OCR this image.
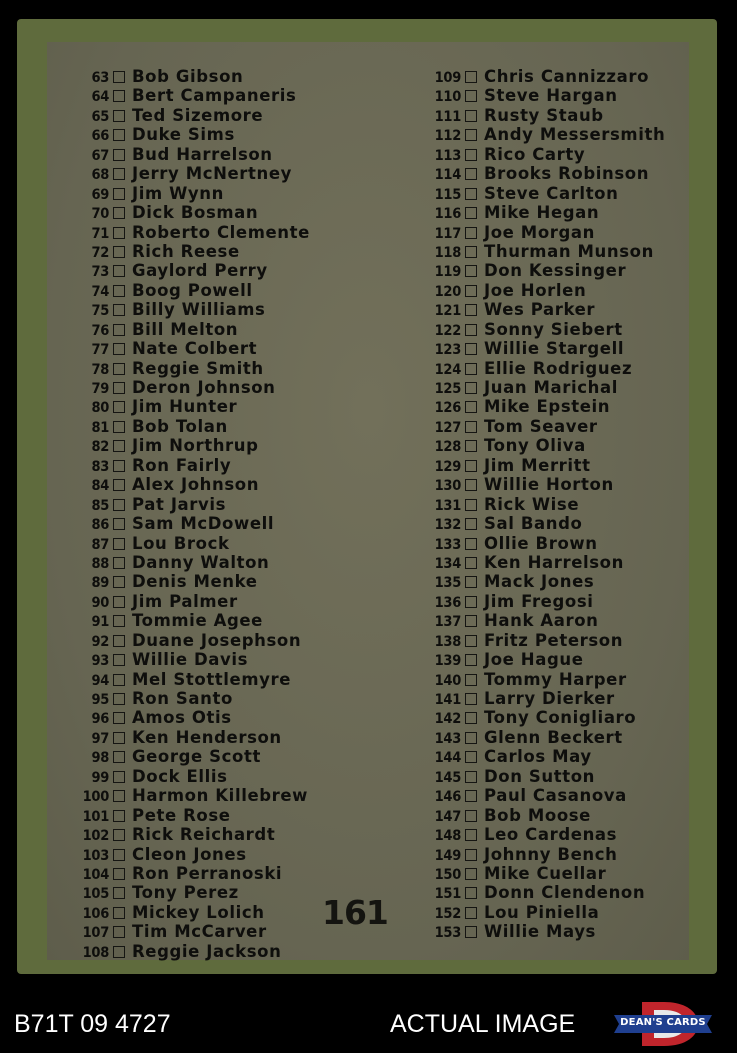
63 Bob Gibson
64 Bert Campaneris
65 Ted Sizemore
66 Duke Sims
67 Bud Harrelson
68 Jerry McNertney
69 Jim Wynn
70 Dick Bosman
71 Roberto Clemente
72 Rich Reese
73 Gaylord Perry
74 Boog Powell
75 Billy Williams
76 Bill Melton
77 Nate Colbert
78 Reggie Smith
79 Deron Johnson
80 Jim Hunter
81 Bob Tolan
82 Jim Northrup
83 Ron Fairly
84 Alex Johnson
85 Pat Jarvis
86 Sam McDowell
87 Lou Brock
88 Danny Walton
89 Denis Menke
90 Jim Palmer
91 Tommie Agee
92 Duane Josephson
93 Willie Davis
94 Mel Stottlemyre
95 Ron Santo
96 Amos Otis
97 Ken Henderson
98 George Scott
99 Dock Ellis
100 Harmon Killebrew
101 Pete Rose
102 Rick Reichardt
103 Cleon Jones
104 Ron Perranoski
105 Tony Perez
106 Mickey Lolich
107 Tim McCarver
108 Reggie Jackson
109 Chris Cannizzaro
110 Steve Hargan
111 Rusty Staub
112 Andy Messersmith
113 Rico Carty
114 Brooks Robinson
115 Steve Carlton
116 Mike Hegan
117 Joe Morgan
118 Thurman Munson
119 Don Kessinger
120 Joe Horlen
121 Wes Parker
122 Sonny Siebert
123 Willie Stargell
124 Ellie Rodriguez
125 Juan Marichal
126 Mike Epstein
127 Tom Seaver
128 Tony Oliva
129 Jim Merritt
130 Willie Horton
131 Rick Wise
132 Sal Bando
133 Ollie Brown
134 Ken Harrelson
135 Mack Jones
136 Jim Fregosi
137 Hank Aaron
138 Fritz Peterson
139 Joe Hague
140 Tommy Harper
141 Larry Dierker
142 Tony Conigliaro
143 Glenn Beckert
144 Carlos May
145 Don Sutton
146 Paul Casanova
147 Bob Moose
148 Leo Cardenas
149 Johnny Bench
150 Mike Cuellar
151 Donn Clendenon
152 Lou Piniella
153 Willie Mays
161
B71T 09 4727	ACTUAL IMAGE	DEAN'S CARDS
